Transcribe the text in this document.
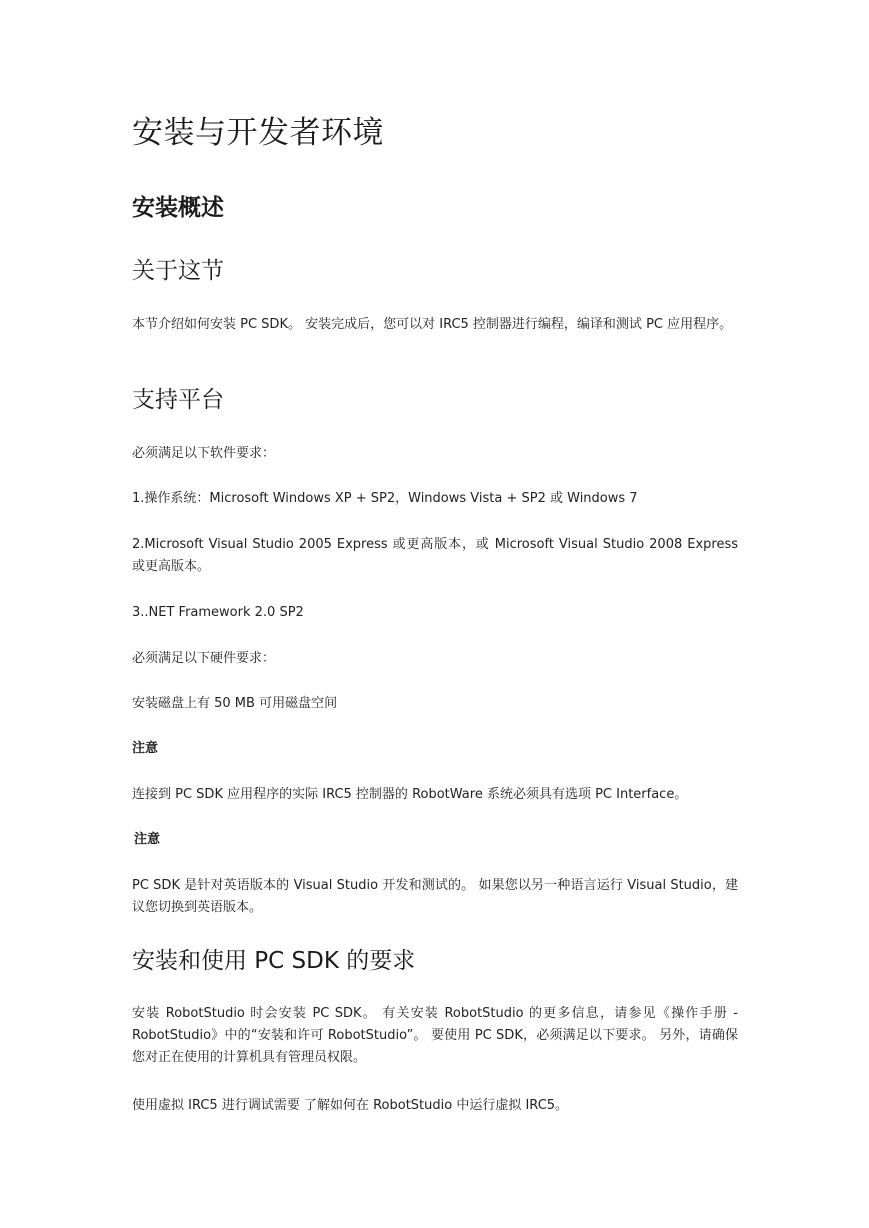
安装与开发者环境
安装概述
关于这节

本节介绍如何安装 PC SDK。 安装完成后，您可以对 IRC5 控制器进行编程，编译和测试 PC 应用程序。

支持平台

必须满足以下软件要求：

1.操作系统：Microsoft Windows XP + SP2，Windows Vista + SP2 或 Windows 7

2.Microsoft Visual Studio 2005 Express 或更高版本，或 Microsoft Visual Studio 2008 Express 或更高版本。

3..NET Framework 2.0 SP2

必须满足以下硬件要求：

安装磁盘上有 50 MB 可用磁盘空间

注意

连接到 PC SDK 应用程序的实际 IRC5 控制器的 RobotWare 系统必须具有选项 PC Interface。

注意

PC SDK 是针对英语版本的 Visual Studio 开发和测试的。 如果您以另一种语言运行 Visual Studio，建议您切换到英语版本。

安装和使用 PC SDK 的要求

安装 RobotStudio 时会安装 PC SDK。 有关安装 RobotStudio 的更多信息，请参见《操作手册 -RobotStudio》中的“安装和许可 RobotStudio”。 要使用 PC SDK，必须满足以下要求。 另外，请确保您对正在使用的计算机具有管理员权限。

使用虚拟 IRC5 进行调试需要 了解如何在 RobotStudio 中运行虚拟 IRC5。
